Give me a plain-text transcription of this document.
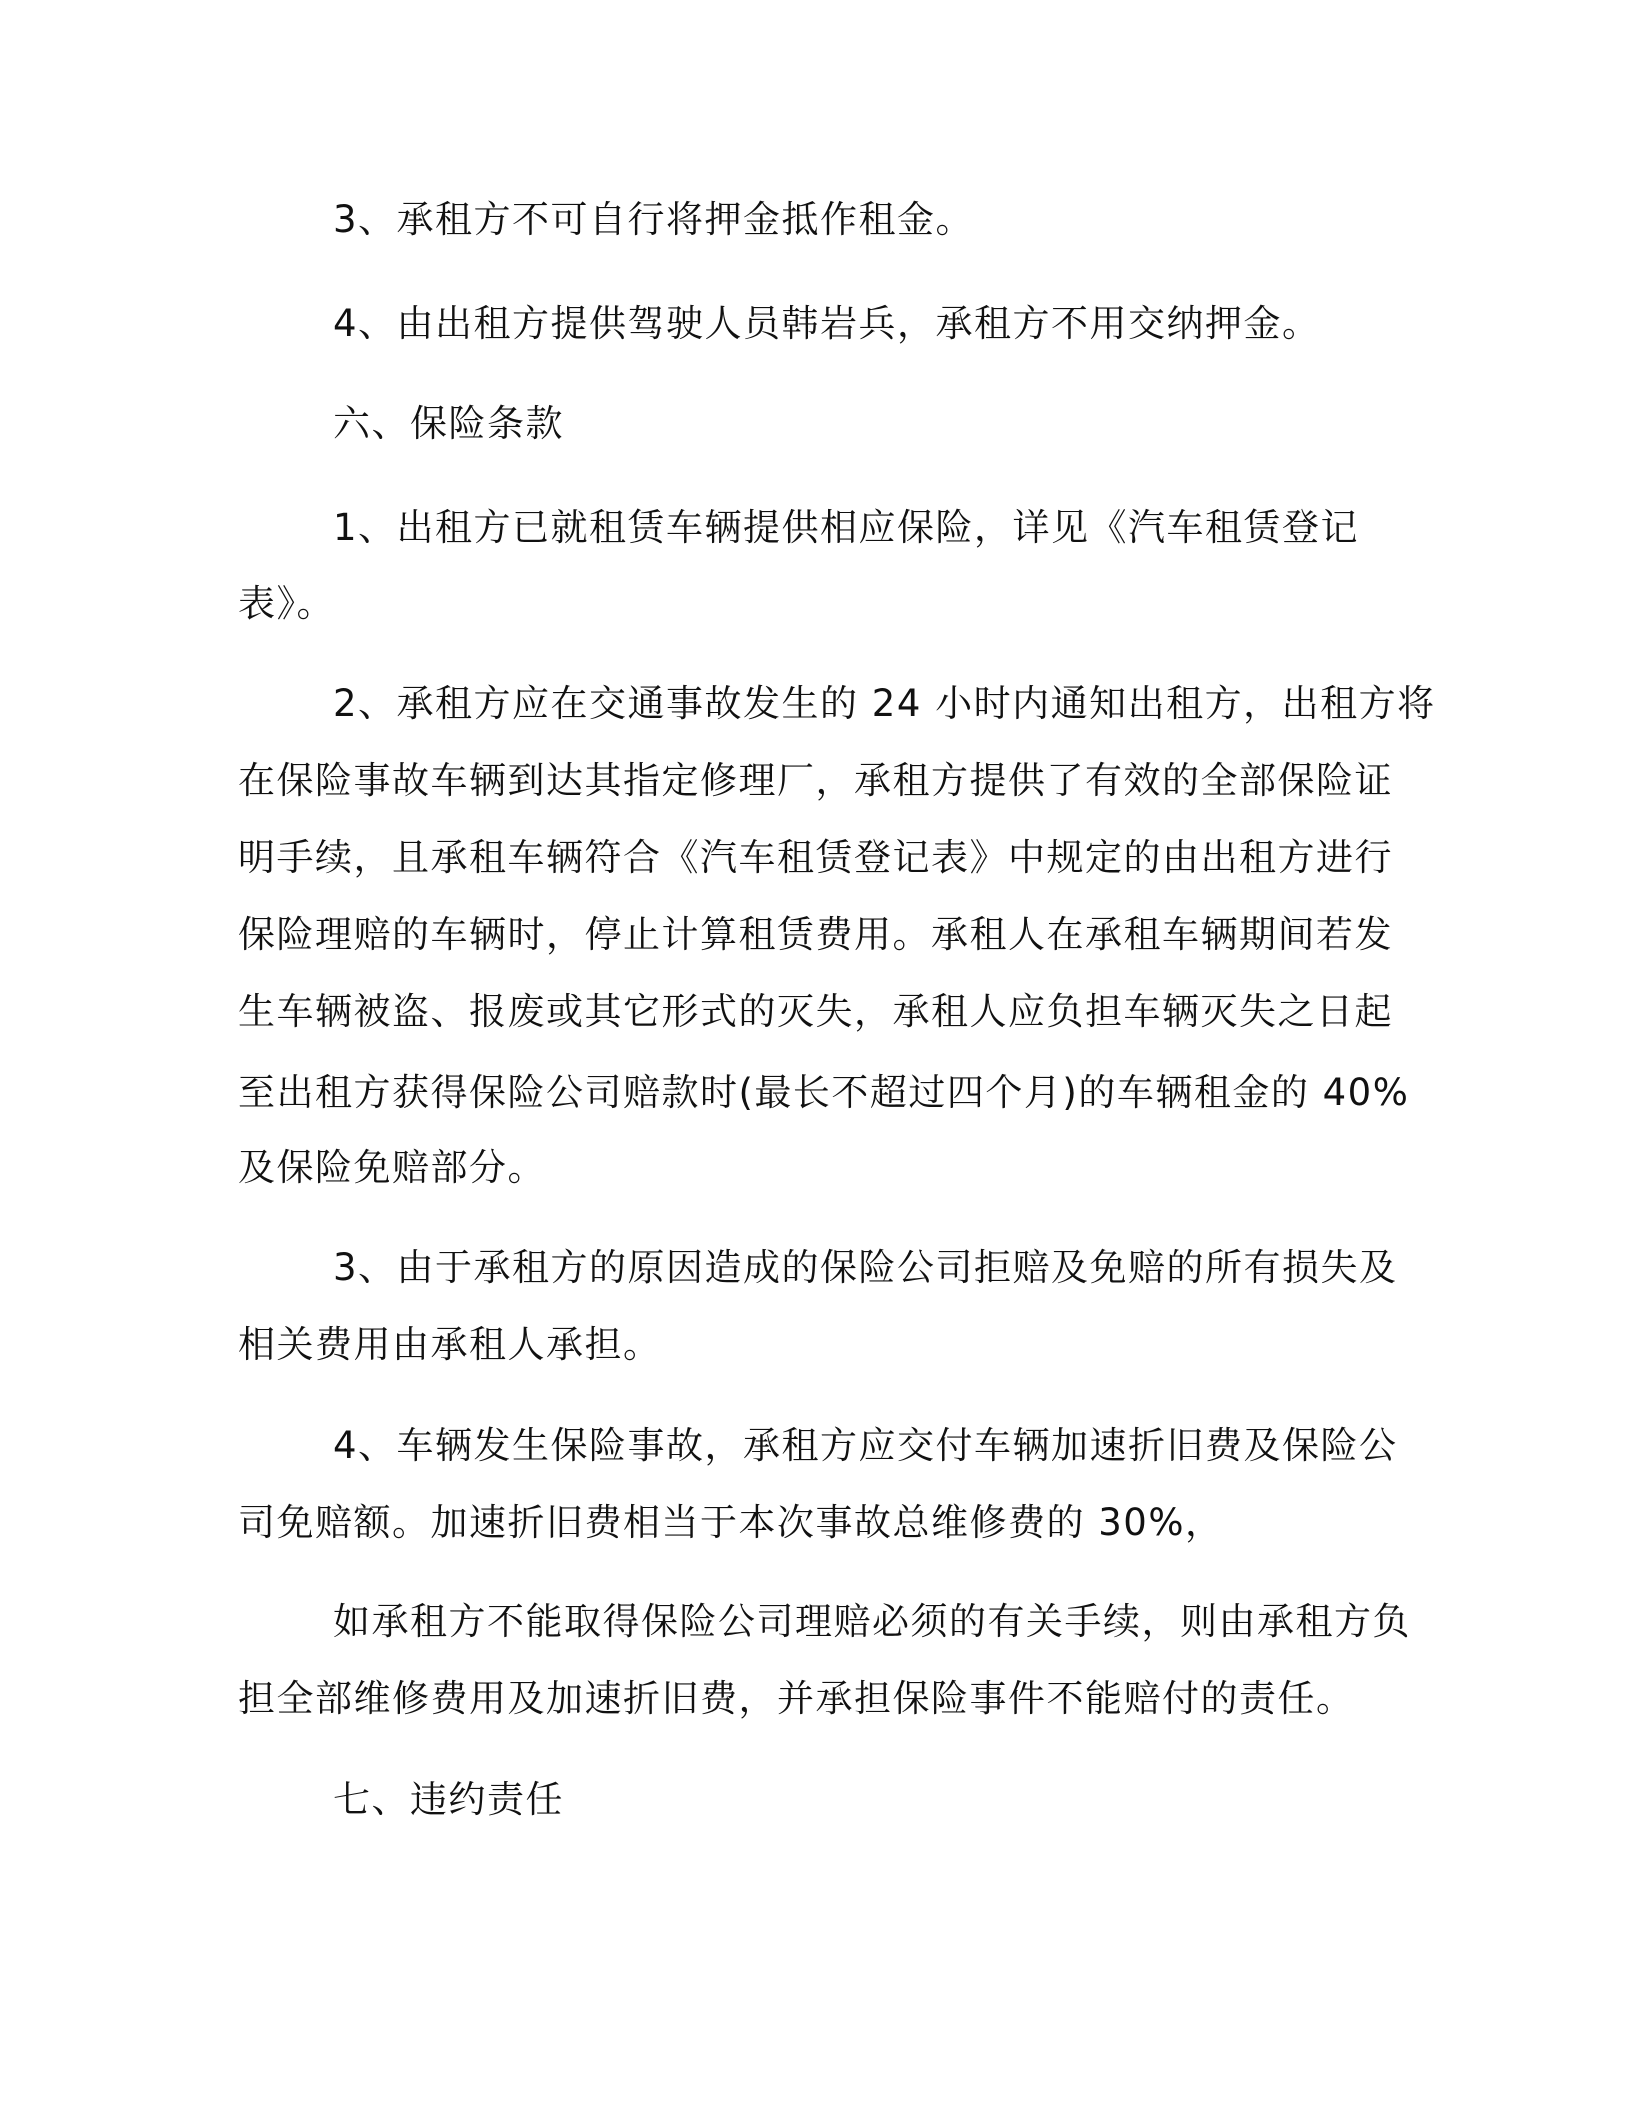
3、承租方不可自行将押金抵作租金。
4、由出租方提供驾驶人员韩岩兵，承租方不用交纳押金。
六、保险条款
1、出租方已就租赁车辆提供相应保险，详见《汽车租赁登记
表》。
2、承租方应在交通事故发生的 24 小时内通知出租方，出租方将
在保险事故车辆到达其指定修理厂，承租方提供了有效的全部保险证
明手续，且承租车辆符合《汽车租赁登记表》中规定的由出租方进行
保险理赔的车辆时，停止计算租赁费用。承租人在承租车辆期间若发
生车辆被盗、报废或其它形式的灭失，承租人应负担车辆灭失之日起
至出租方获得保险公司赔款时(最长不超过四个月)的车辆租金的 40%
及保险免赔部分。
3、由于承租方的原因造成的保险公司拒赔及免赔的所有损失及
相关费用由承租人承担。
4、车辆发生保险事故，承租方应交付车辆加速折旧费及保险公
司免赔额。加速折旧费相当于本次事故总维修费的 30%，
如承租方不能取得保险公司理赔必须的有关手续，则由承租方负
担全部维修费用及加速折旧费，并承担保险事件不能赔付的责任。
七、违约责任
